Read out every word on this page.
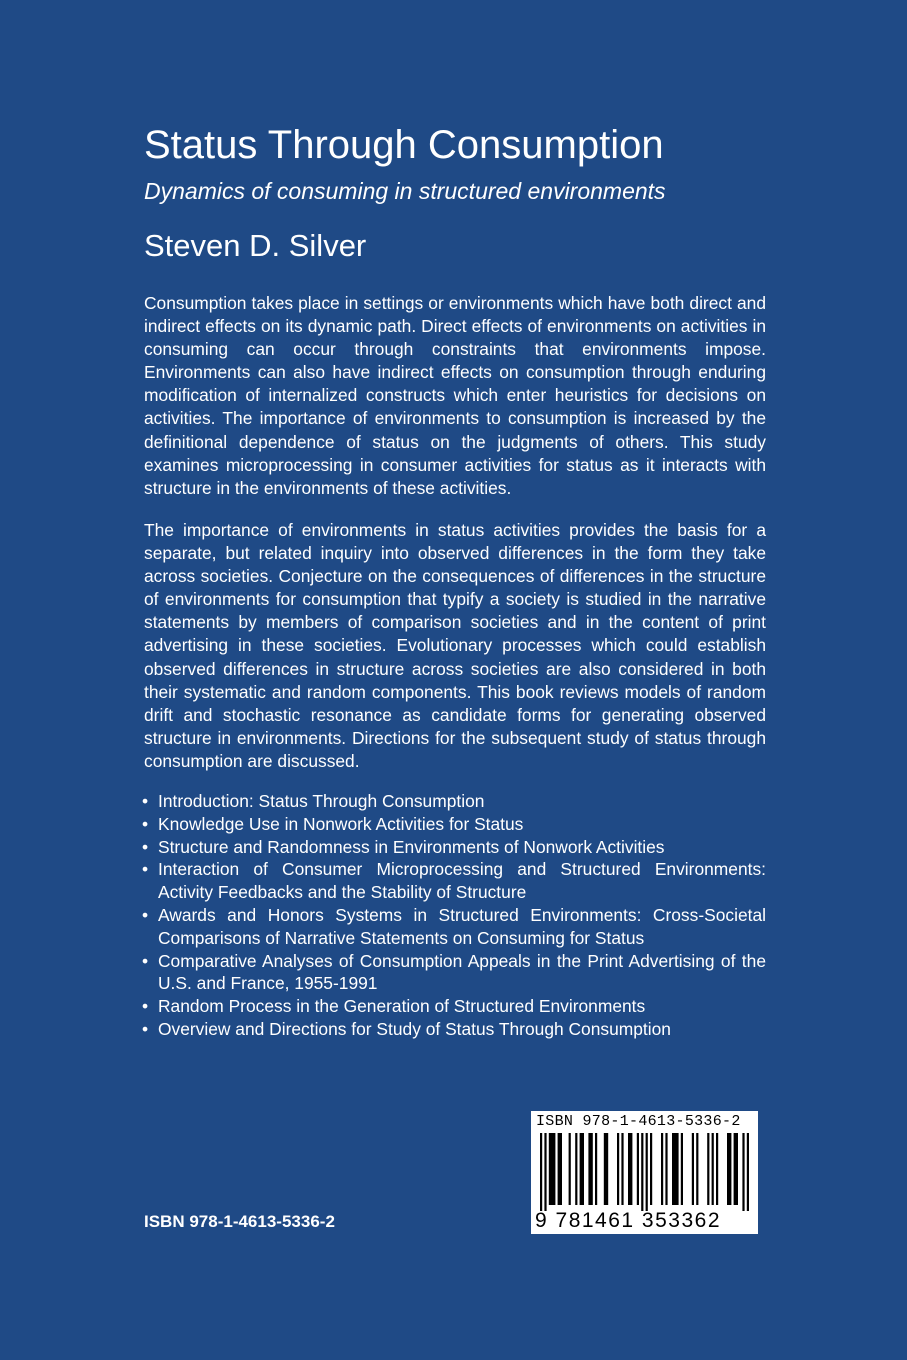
Status Through Consumption
Dynamics of consuming in structured environments
Steven D. Silver

Consumption takes place in settings or environments which have both direct and indirect effects on its dynamic path. Direct effects of environments on activities in consuming can occur through constraints that environments impose. Environments can also have indirect effects on consumption through enduring modification of internalized constructs which enter heuristics for decisions on activities. The importance of environments to consumption is increased by the definitional dependence of status on the judgments of others. This study examines microprocessing in consumer activities for status as it interacts with structure in the environments of these activities.

The importance of environments in status activities provides the basis for a separate, but related inquiry into observed differences in the form they take across societies. Conjecture on the consequences of differences in the structure of environments for consumption that typify a society is studied in the narrative statements by members of comparison societies and in the content of print advertising in these societies. Evolutionary processes which could establish observed differences in structure across societies are also considered in both their systematic and random components. This book reviews models of random drift and stochastic resonance as candidate forms for generating observed structure in environments. Directions for the subsequent study of status through consumption are discussed.

• Introduction: Status Through Consumption
• Knowledge Use in Nonwork Activities for Status
• Structure and Randomness in Environments of Nonwork Activities
• Interaction of Consumer Microprocessing and Structured Environments: Activity Feedbacks and the Stability of Structure
• Awards and Honors Systems in Structured Environments: Cross-Societal Comparisons of Narrative Statements on Consuming for Status
• Comparative Analyses of Consumption Appeals in the Print Advertising of the U.S. and France, 1955-1991
• Random Process in the Generation of Structured Environments
• Overview and Directions for Study of Status Through Consumption
ISBN 978-1-4613-5336-2
ISBN 978-1-4613-5336-2
9 781461 353362
